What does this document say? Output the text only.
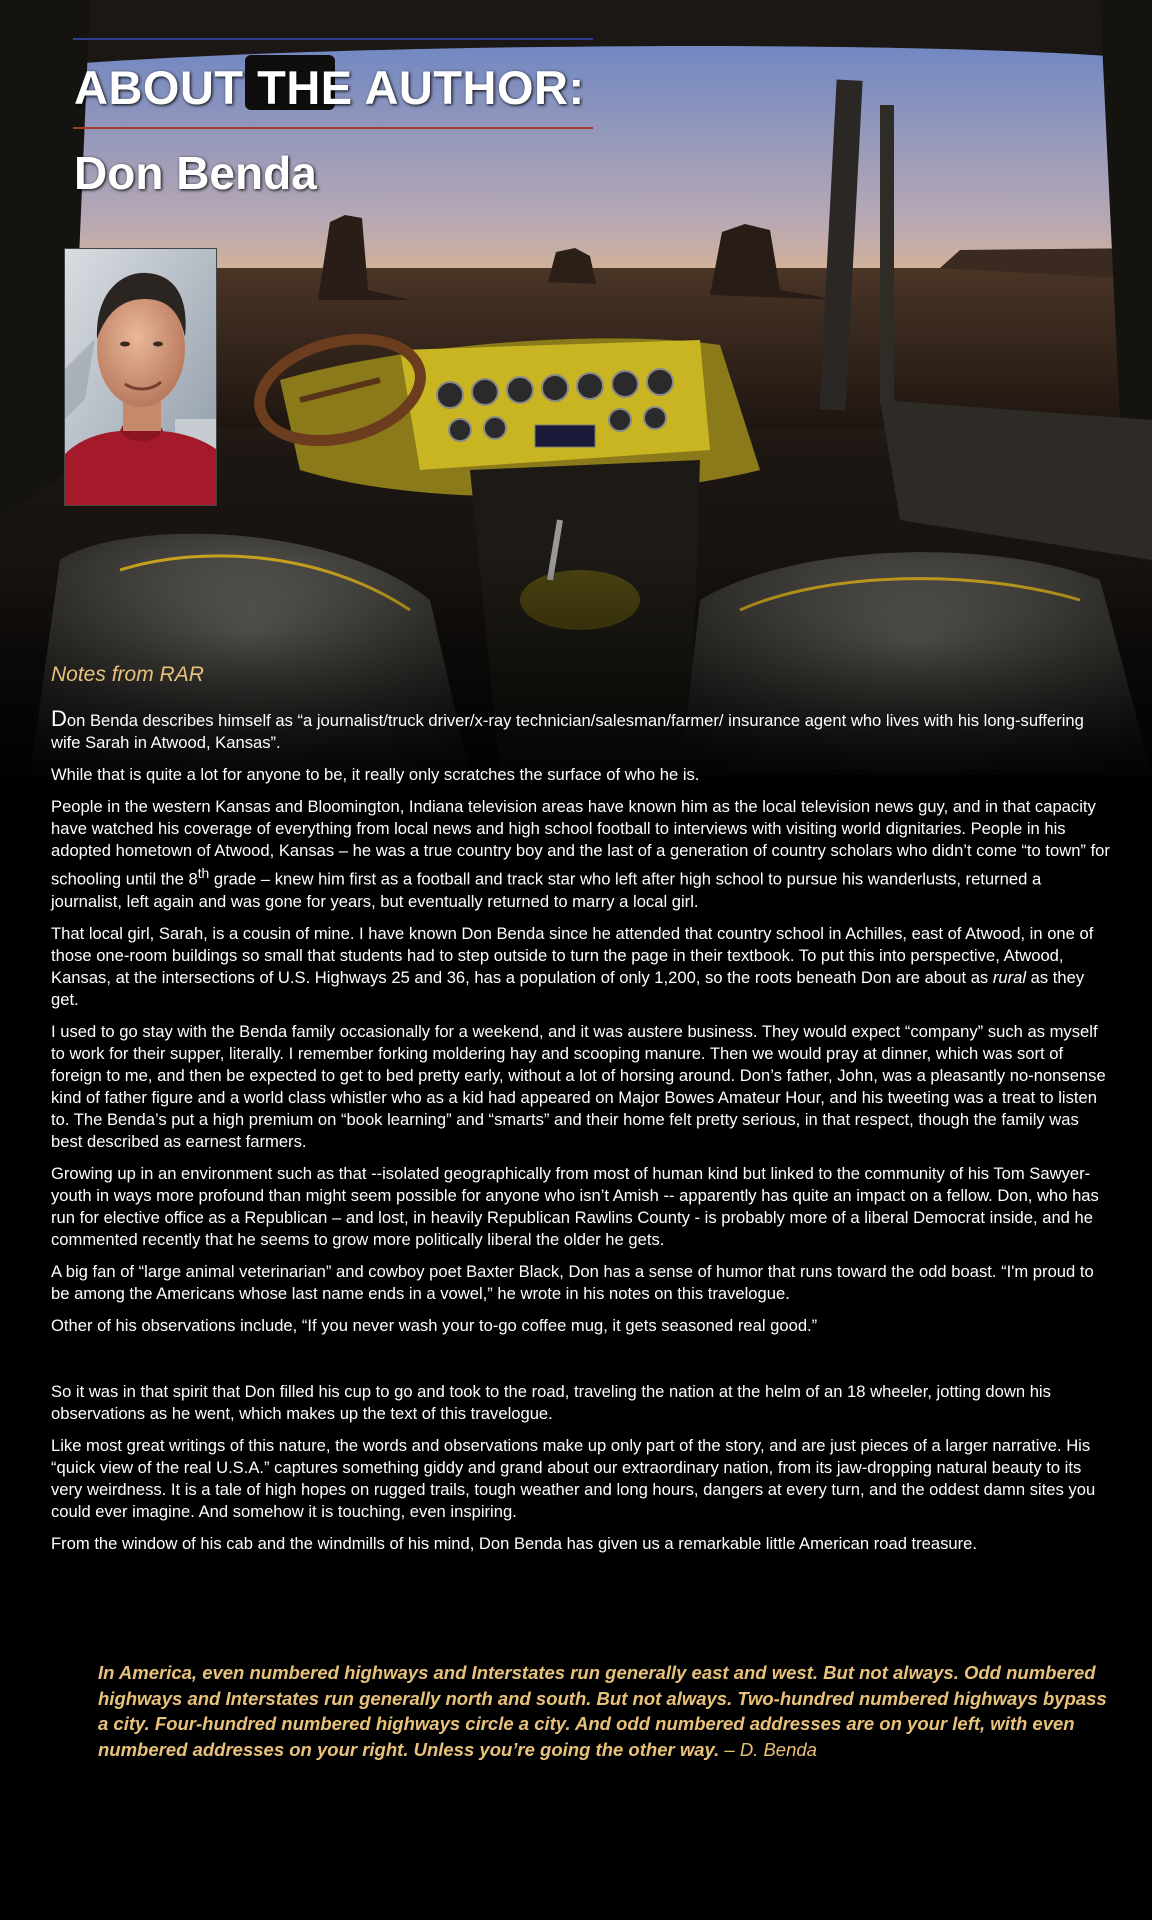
ABOUT THE AUTHOR:
Don Benda
Notes from RAR

Don Benda describes himself as “a journalist/truck driver/x-ray technician/salesman/farmer/ insurance agent who lives with his long-suffering wife Sarah in Atwood, Kansas”.

While that is quite a lot for anyone to be, it really only scratches the surface of who he is.

People in the western Kansas and Bloomington, Indiana television areas have known him as the local television news guy, and in that capacity have watched his coverage of everything from local news and high school football to interviews with visiting world dignitaries. People in his adopted hometown of Atwood, Kansas – he was a true country boy and the last of a generation of country scholars who didn’t come “to town” for schooling until the 8th grade – knew him first as a football and track star who left after high school to pursue his wanderlusts, returned a journalist, left again and was gone for years, but eventually returned to marry a local girl.

That local girl, Sarah, is a cousin of mine. I have known Don Benda since he attended that country school in Achilles, east of Atwood, in one of those one-room buildings so small that students had to step outside to turn the page in their textbook. To put this into perspective, Atwood, Kansas, at the intersections of U.S. Highways 25 and 36, has a population of only 1,200, so the roots beneath Don are about as rural as they get.

I used to go stay with the Benda family occasionally for a weekend, and it was austere business. They would expect “company” such as myself to work for their supper, literally. I remember forking moldering hay and scooping manure. Then we would pray at dinner, which was sort of foreign to me, and then be expected to get to bed pretty early, without a lot of horsing around. Don’s father, John, was a pleasantly no-nonsense kind of father figure and a world class whistler who as a kid had appeared on Major Bowes Amateur Hour, and his tweeting was a treat to listen to. The Benda’s put a high premium on “book learning” and “smarts” and their home felt pretty serious, in that respect, though the family was best described as earnest farmers.

Growing up in an environment such as that --isolated geographically from most of human kind but linked to the community of his Tom Sawyer-youth in ways more profound than might seem possible for anyone who isn’t Amish -- apparently has quite an impact on a fellow. Don, who has run for elective office as a Republican – and lost, in heavily Republican Rawlins County - is probably more of a liberal Democrat inside, and he commented recently that he seems to grow more politically liberal the older he gets.

A big fan of “large animal veterinarian” and cowboy poet Baxter Black, Don has a sense of humor that runs toward the odd boast. “I'm proud to be among the Americans whose last name ends in a vowel,” he wrote in his notes on this travelogue.

Other of his observations include, “If you never wash your to-go coffee mug, it gets seasoned real good.”

So it was in that spirit that Don filled his cup to go and took to the road, traveling the nation at the helm of an 18 wheeler, jotting down his observations as he went, which makes up the text of this travelogue.

Like most great writings of this nature, the words and observations make up only part of the story, and are just pieces of a larger narrative. His “quick view of the real U.S.A.” captures something giddy and grand about our extraordinary nation, from its jaw-dropping natural beauty to its very weirdness. It is a tale of high hopes on rugged trails, tough weather and long hours, dangers at every turn, and the oddest damn sites you could ever imagine. And somehow it is touching, even inspiring.

From the window of his cab and the windmills of his mind, Don Benda has given us a remarkable little American road treasure.

In America, even numbered highways and Interstates run generally east and west. But not always. Odd numbered highways and Interstates run generally north and south. But not always. Two-hundred numbered highways bypass a city. Four-hundred numbered highways circle a city. And odd numbered addresses are on your left, with even numbered addresses on your right. Unless you’re going the other way. – D. Benda
